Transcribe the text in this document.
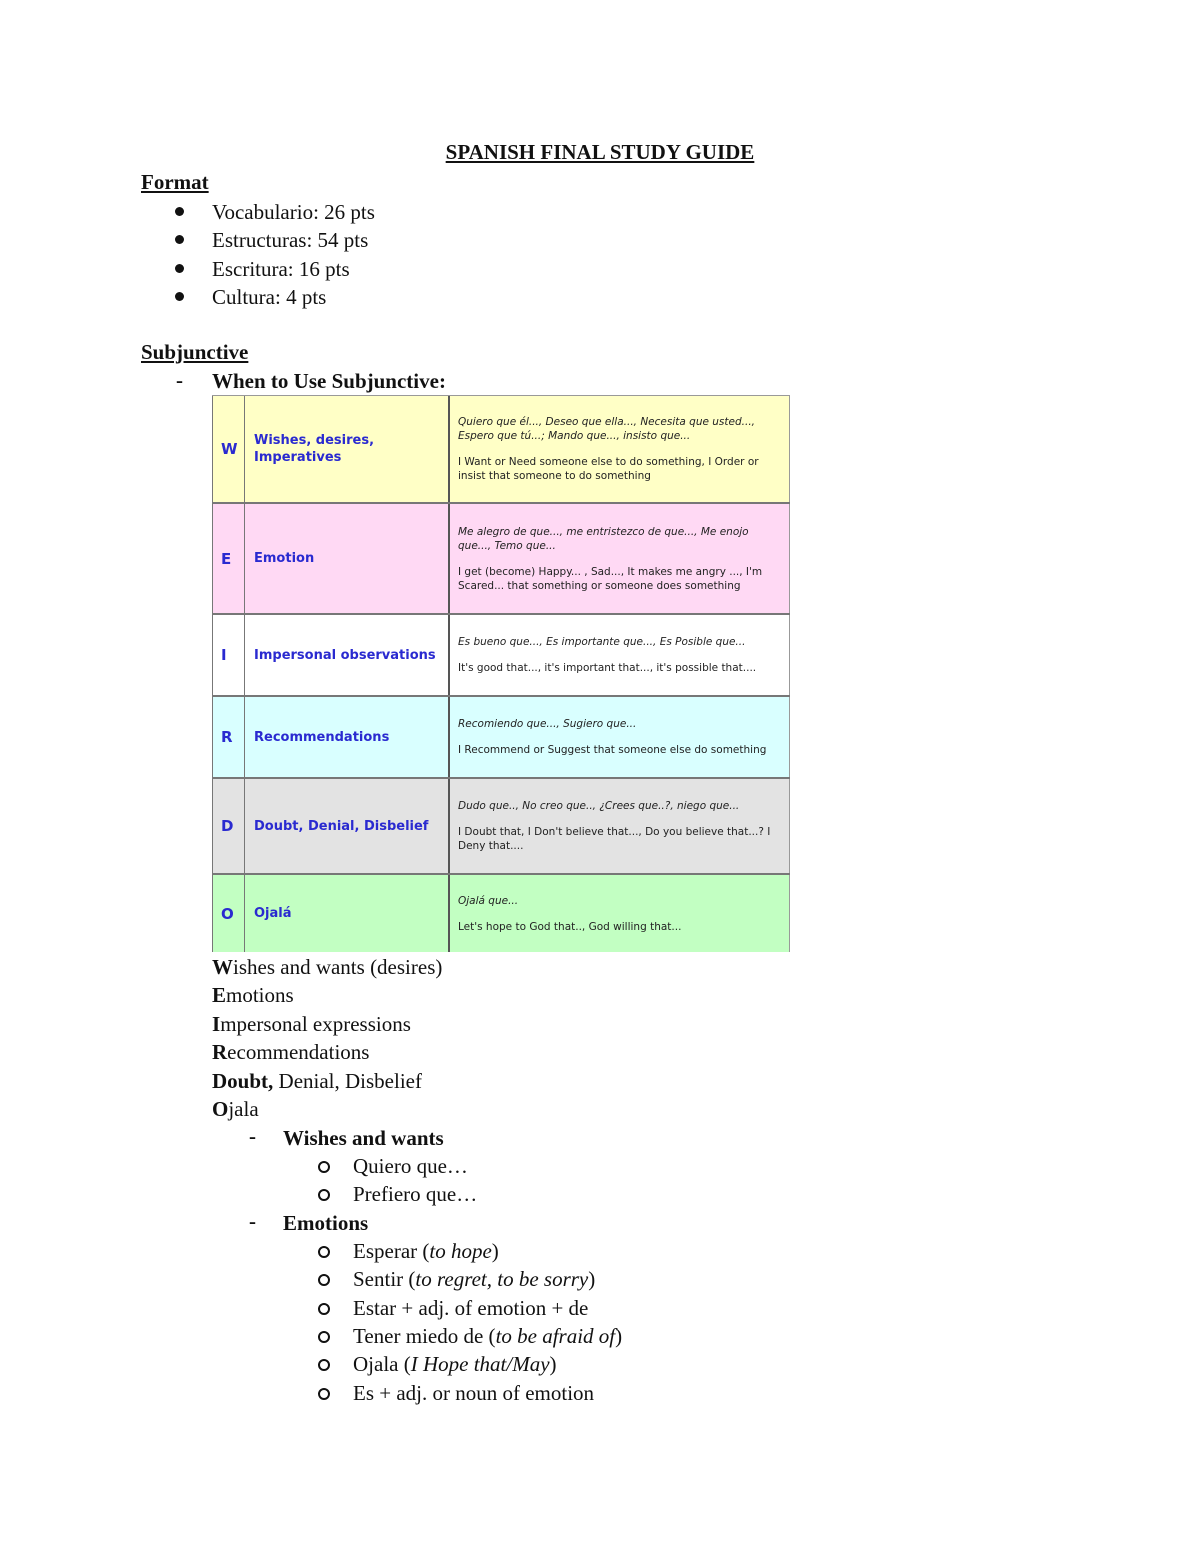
SPANISH FINAL STUDY GUIDE
Format
Vocabulario: 26 pts
Estructuras: 54 pts
Escritura: 16 pts
Cultura: 4 pts
Subjunctive
- When to Use Subjunctive:
W	Wishes, desires, Imperatives
Quiero que él..., Deseo que ella..., Necesita que usted..., Espero que tú...; Mando que..., insisto que...
I Want or Need someone else to do something, I Order or insist that someone to do something
E	Emotion
Me alegro de que..., me entristezco de que..., Me enojo que..., Temo que...
I get (become) Happy... , Sad..., It makes me angry ..., I'm Scared... that something or someone does something
I	Impersonal observations
Es bueno que..., Es importante que..., Es Posible que...
It's good that..., it's important that..., it's possible that....
R	Recommendations
Recomiendo que..., Sugiero que...
I Recommend or Suggest that someone else do something
D	Doubt, Denial, Disbelief
Dudo que.., No creo que.., ¿Crees que..?, niego que...
I Doubt that, I Don't believe that..., Do you believe that...? I Deny that....
O	Ojalá
Ojalá que...
Let's hope to God that.., God willing that...
Wishes and wants (desires)
Emotions
Impersonal expressions
Recommendations
Doubt, Denial, Disbelief
Ojala
- Wishes and wants
Quiero que…
Prefiero que…
- Emotions
Esperar (to hope)
Sentir (to regret, to be sorry)
Estar + adj. of emotion + de
Tener miedo de (to be afraid of)
Ojala (I Hope that/May)
Es + adj. or noun of emotion
